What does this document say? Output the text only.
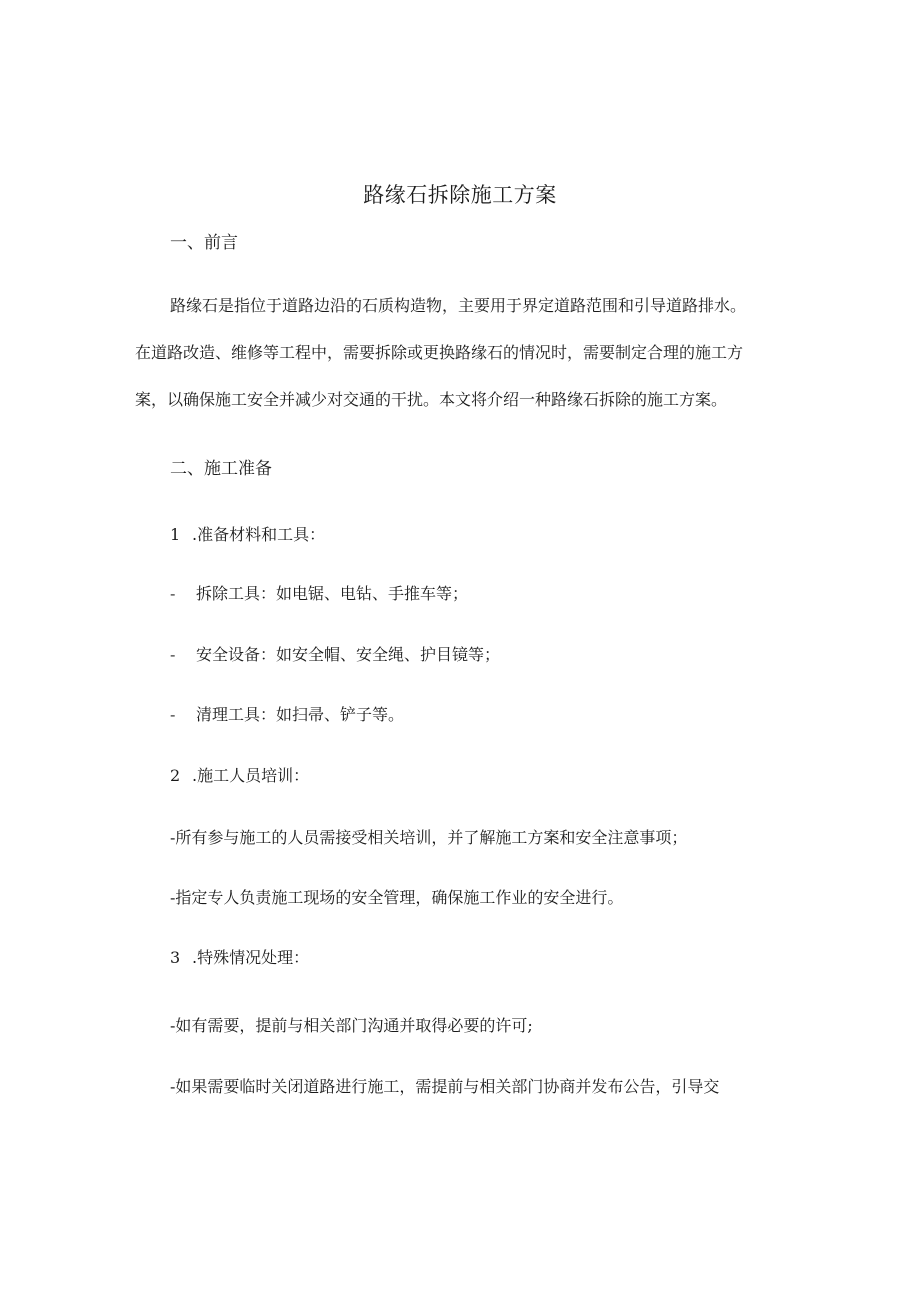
路缘石拆除施工方案
一、前言
路缘石是指位于道路边沿的石质构造物，主要用于界定道路范围和引导道路排水。
在道路改造、维修等工程中，需要拆除或更换路缘石的情况时，需要制定合理的施工方
案，以确保施工安全并减少对交通的干扰。本文将介绍一种路缘石拆除的施工方案。
二、施工准备
1 .准备材料和工具：
- 拆除工具：如电锯、电钻、手推车等；
- 安全设备：如安全帽、安全绳、护目镜等；
- 清理工具：如扫帚、铲子等。
2 .施工人员培训：
-所有参与施工的人员需接受相关培训，并了解施工方案和安全注意事项；
-指定专人负责施工现场的安全管理，确保施工作业的安全进行。
3 .特殊情况处理：
-如有需要，提前与相关部门沟通并取得必要的许可;
-如果需要临时关闭道路进行施工，需提前与相关部门协商并发布公告，引导交
